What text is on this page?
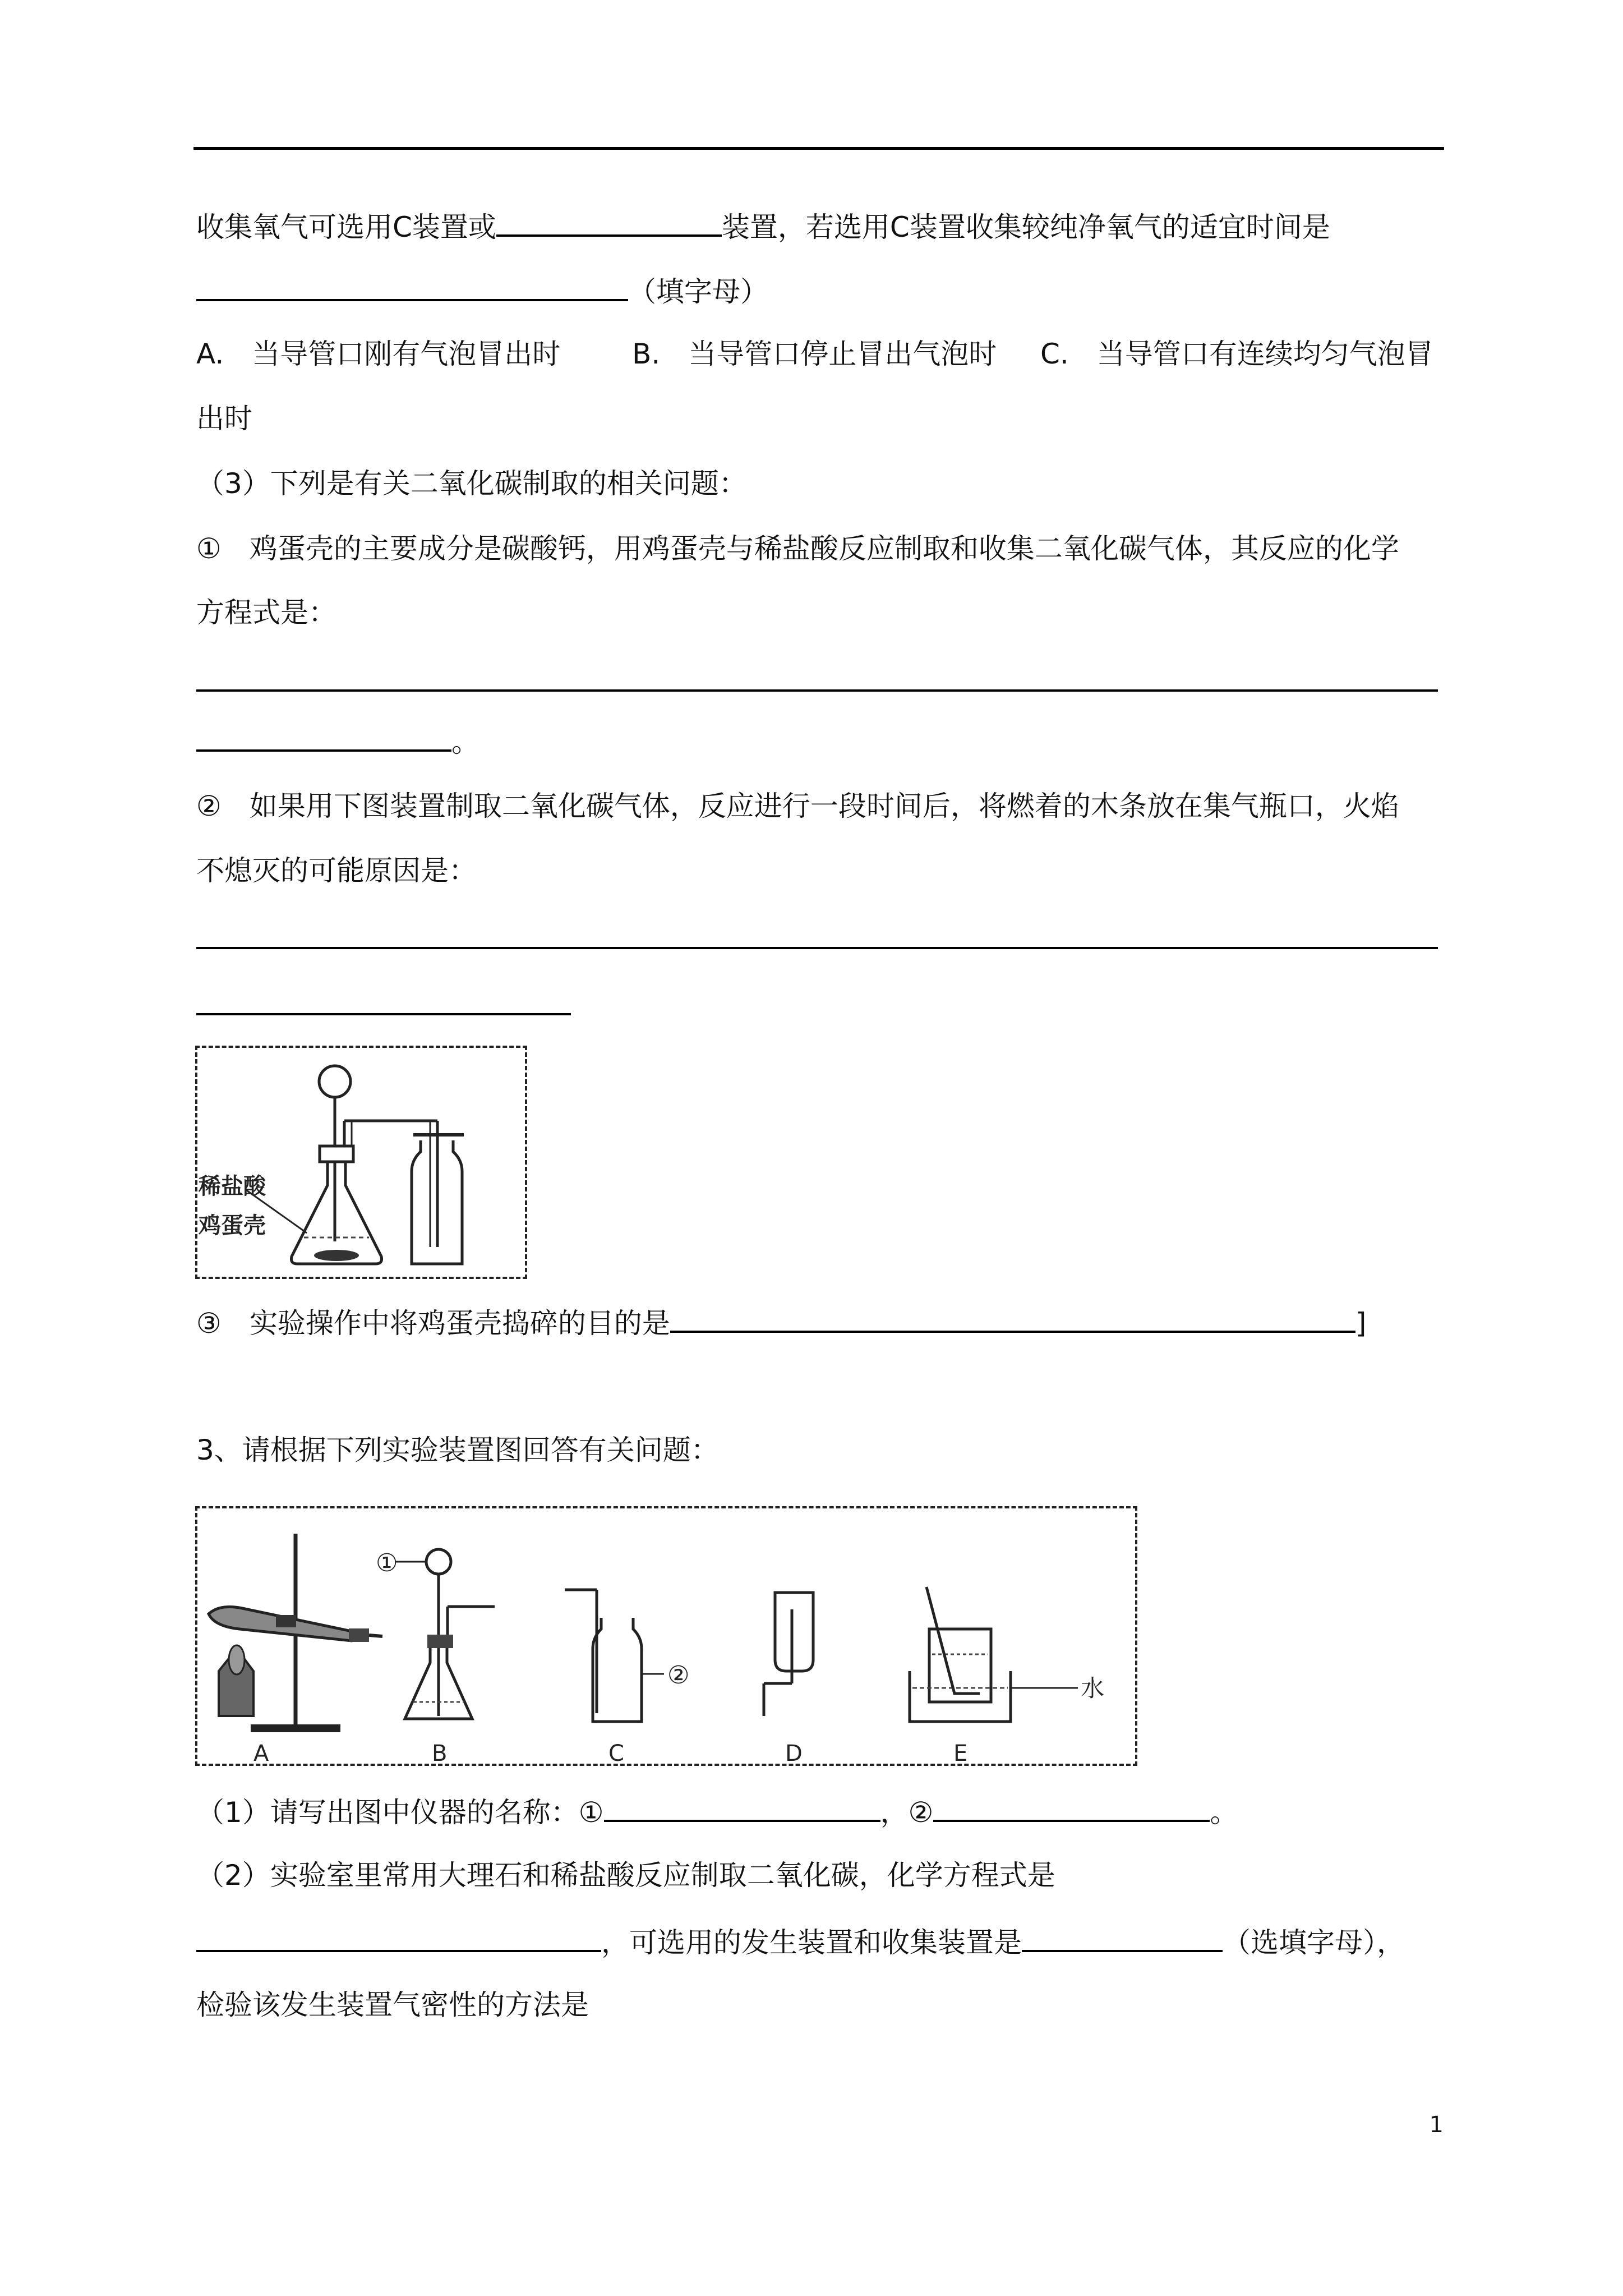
收集氧气可选用C装置或	装置，若选用C装置收集较纯净氧气的适宜时间是
（填字母）
A.　当导管口刚有气泡冒出时	B.　当导管口停止冒出气泡时 C.　当导管口有连续均匀气泡冒
出时
（3）下列是有关二氧化碳制取的相关问题：
①　鸡蛋壳的主要成分是碳酸钙，用鸡蛋壳与稀盐酸反应制取和收集二氧化碳气体，其反应的化学
方程式是：
。
②　如果用下图装置制取二氧化碳气体，反应进行一段时间后，将燃着的木条放在集气瓶口，火焰
不熄灭的可能原因是：
稀盐酸
鸡蛋壳
③　实验操作中将鸡蛋壳捣碎的目的是	]
3、请根据下列实验装置图回答有关问题：
A
①
B
②
C	D
水
E
（1）请写出图中仪器的名称：①	，②	。
（2）实验室里常用大理石和稀盐酸反应制取二氧化碳，化学方程式是
，可选用的发生装置和收集装置是	（选填字母），
检验该发生装置气密性的方法是
1
